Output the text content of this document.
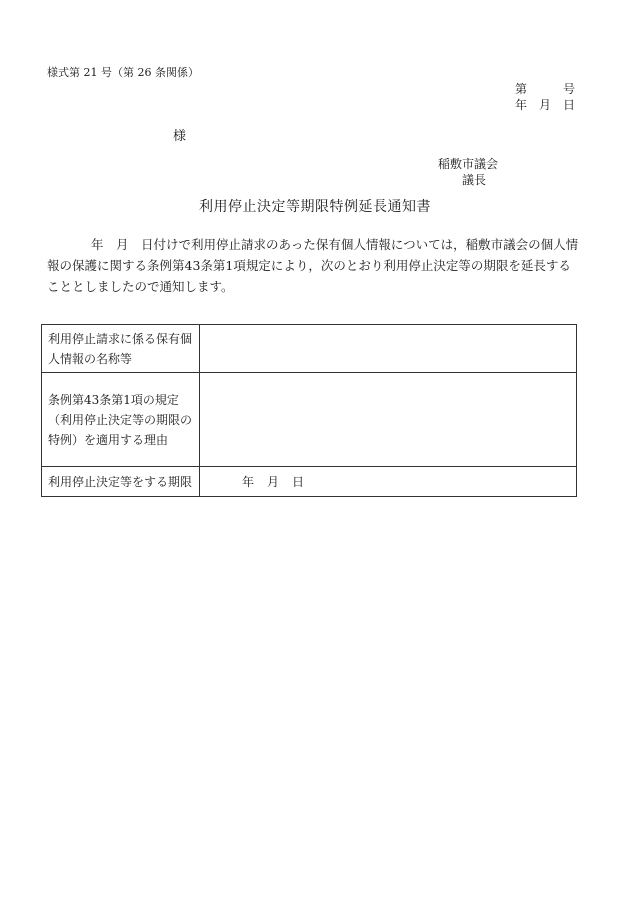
様式第 21 号（第 26 条関係）
第　　　号
年　月　日
様
稲敷市議会
議長
利用停止決定等期限特例延長通知書
年　月　日付けで利用停止請求のあった保有個人情報については，稲敷市議会の個人情報の保護に関する条例第43条第1項規定により，次のとおり利用停止決定等の期限を延長することとしましたので通知します。
利用停止請求に係る保有個人情報の名称等	
条例第43条第1項の規定（利用停止決定等の期限の特例）を適用する理由	
利用停止決定等をする期限	年　月　日
